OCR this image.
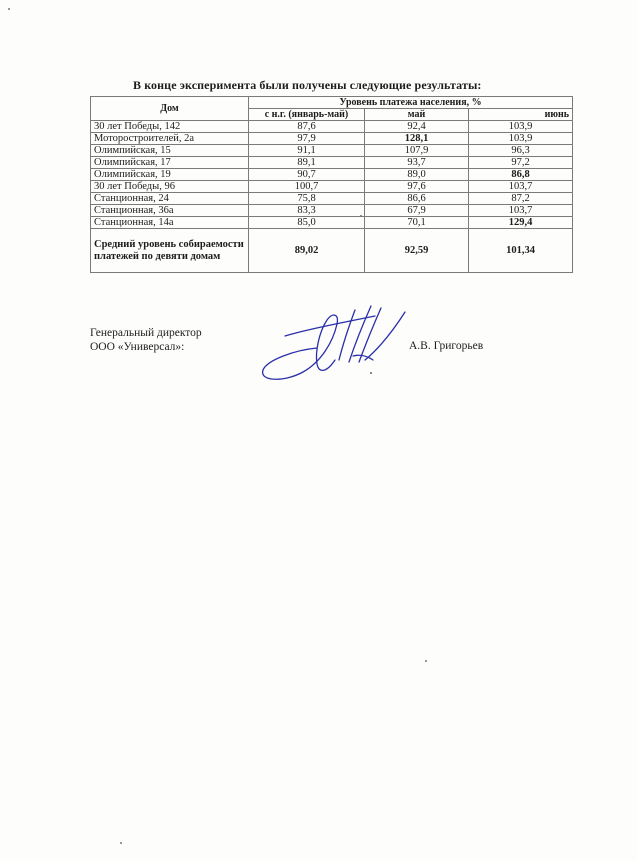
В конце эксперимента были получены следующие результаты:
Дом	Уровень платежа населения, %		
	с н.г. (январь-май)	май	июнь
30 лет Победы, 142	87,6	92,4	103,9
Моторостроителей, 2а	97,9	128,1	103,9
Олимпийская, 15	91,1	107,9	96,3
Олимпийская, 17	89,1	93,7	97,2
Олимпийская, 19	90,7	89,0	86,8
30 лет Победы, 96	100,7	97,6	103,7
Станционная, 24	75,8	86,6	87,2
Станционная, 36а	83,3	67,9	103,7
Станционная, 14а	85,0	70,1	129,4
Средний уровень собираемости платежей по девяти домам	89,02	92,59	101,34
Генеральный директор
ООО «Универсал»:	А.В. Григорьев
